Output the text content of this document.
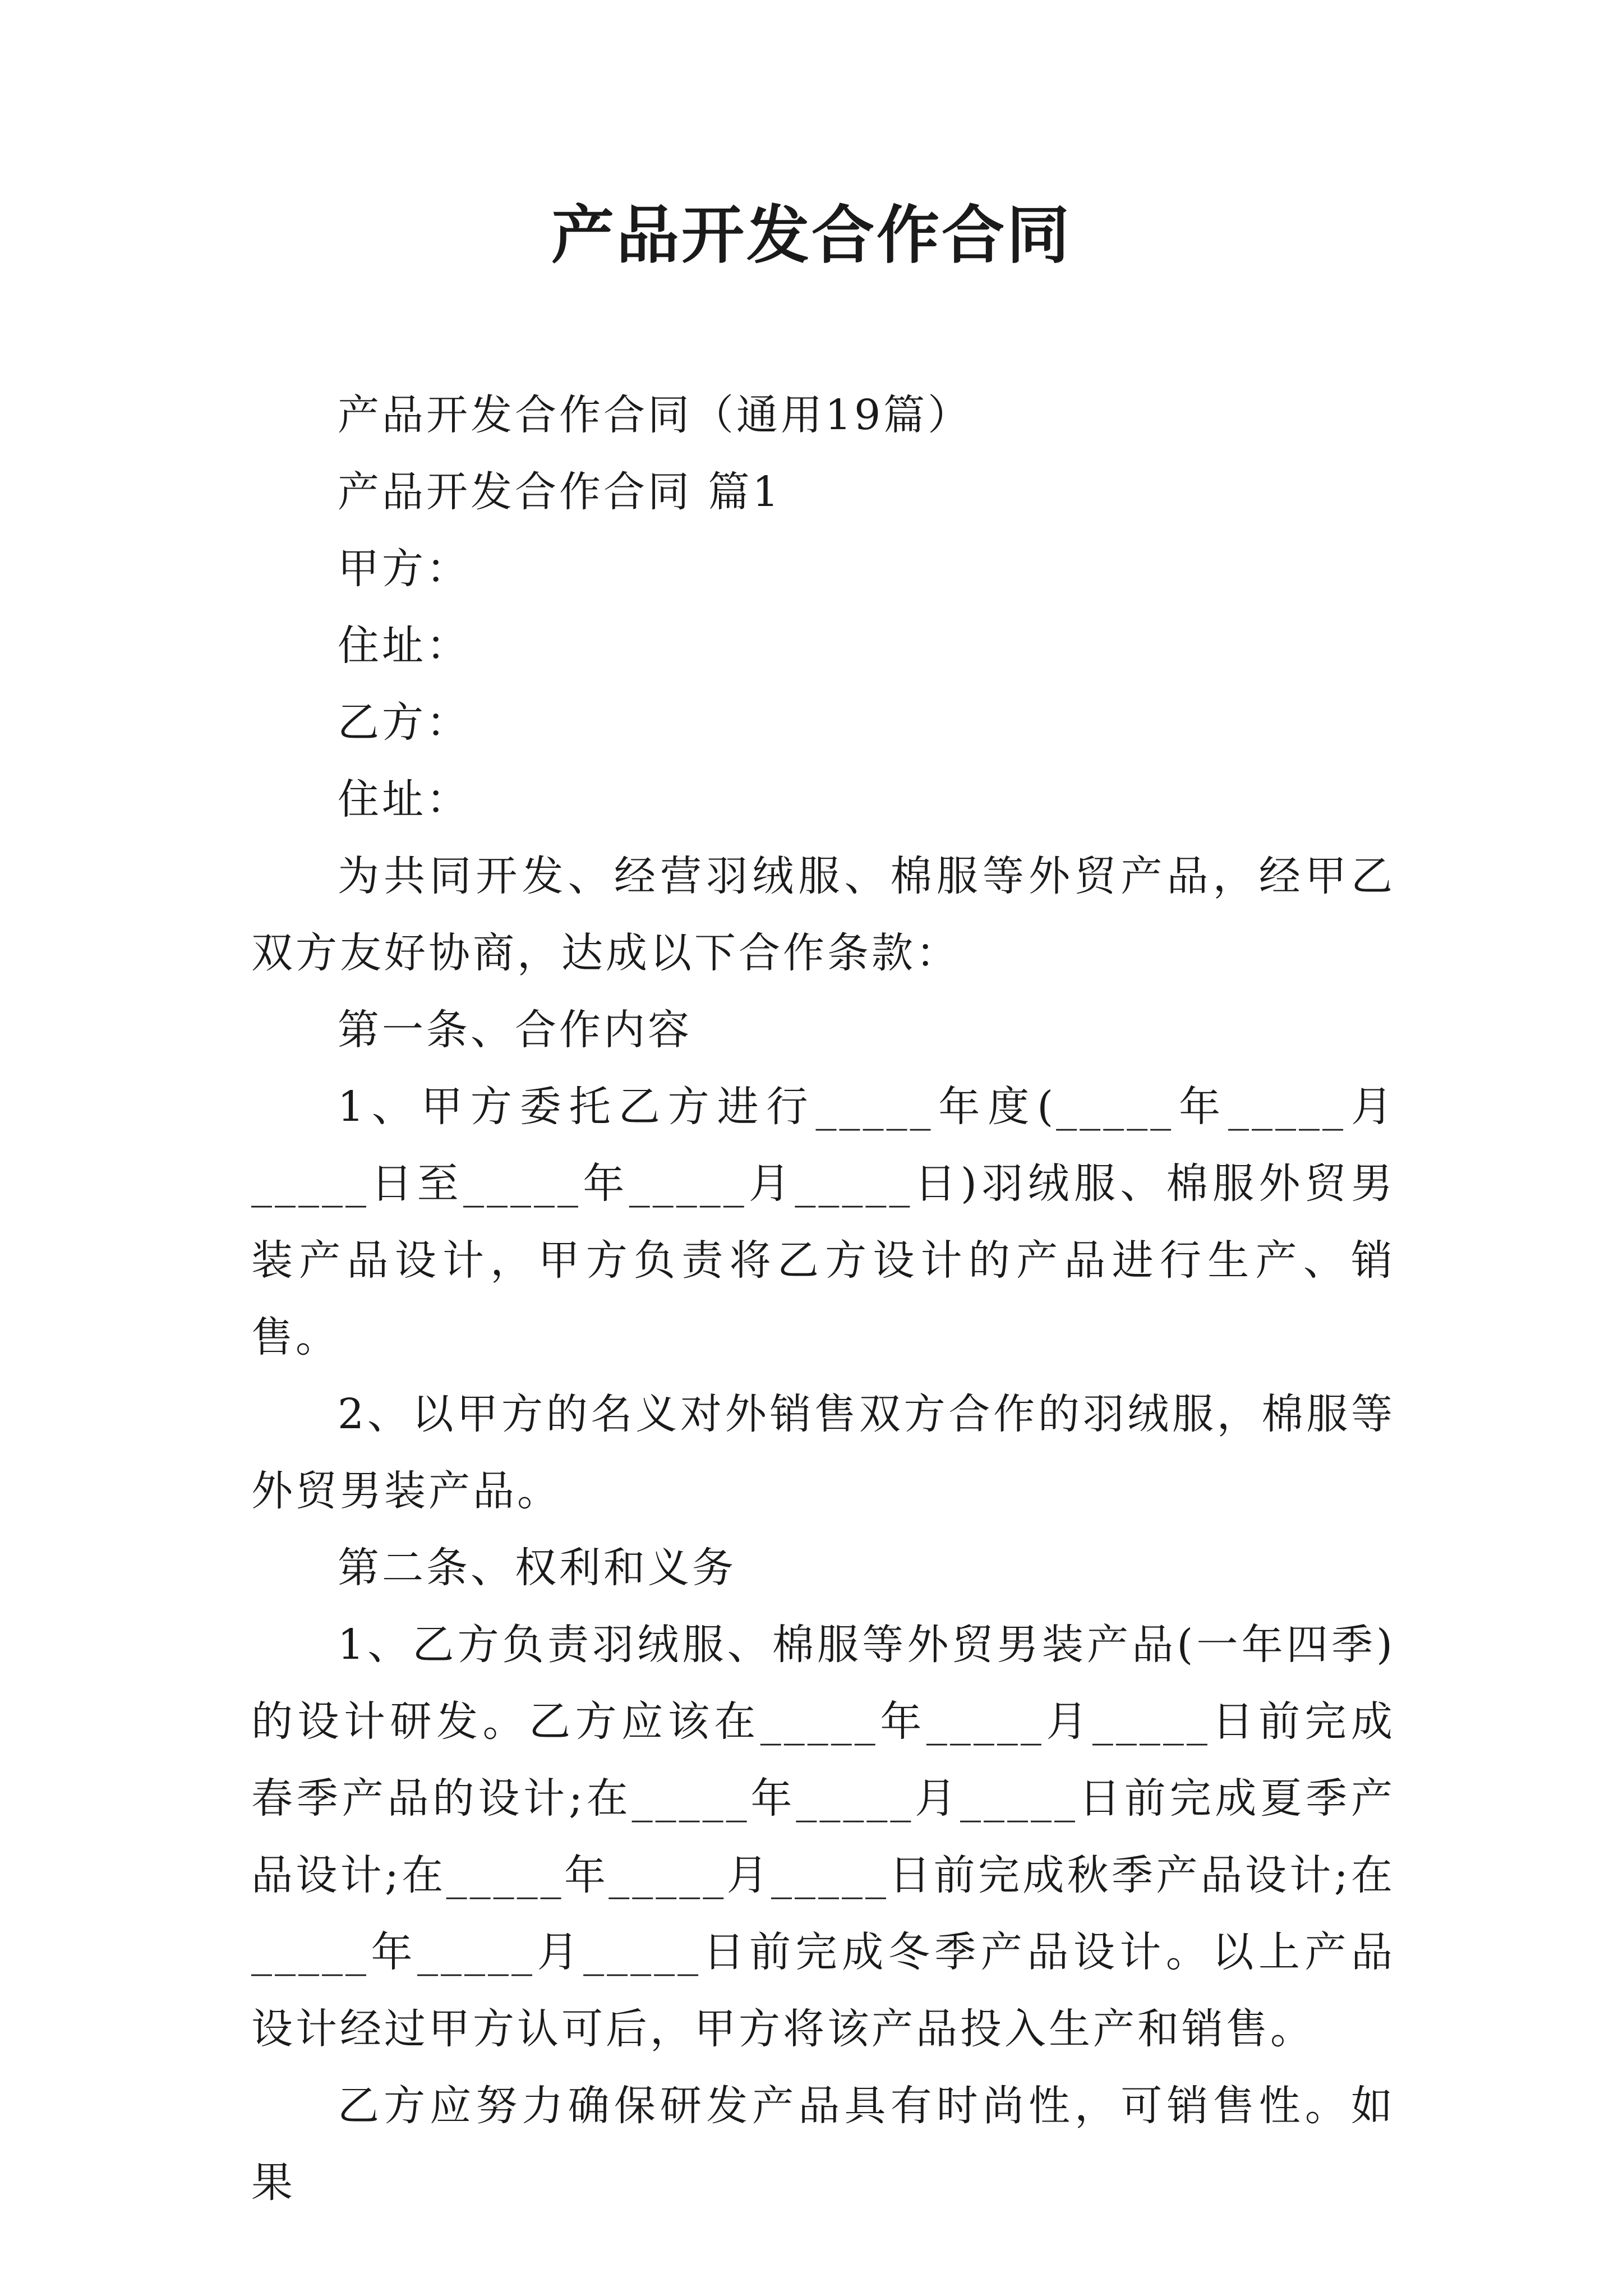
产品开发合作合同

产品开发合作合同（通用19篇）

产品开发合作合同 篇1

甲方：

住址：

乙方：

住址：

为共同开发、经营羽绒服、棉服等外贸产品，经甲乙双方友好协商，达成以下合作条款：

第一条、合作内容

1、甲方委托乙方进行_____年度(_____年_____月_____日至_____年_____月_____日)羽绒服、棉服外贸男装产品设计，甲方负责将乙方设计的产品进行生产、销售。

2、以甲方的名义对外销售双方合作的羽绒服，棉服等外贸男装产品。

第二条、权利和义务

1、乙方负责羽绒服、棉服等外贸男装产品(一年四季)的设计研发。乙方应该在_____年_____月_____日前完成春季产品的设计;在_____年_____月_____日前完成夏季产品设计;在_____年_____月_____日前完成秋季产品设计;在_____年_____月_____日前完成冬季产品设计。以上产品设计经过甲方认可后，甲方将该产品投入生产和销售。

乙方应努力确保研发产品具有时尚性，可销售性。如果
